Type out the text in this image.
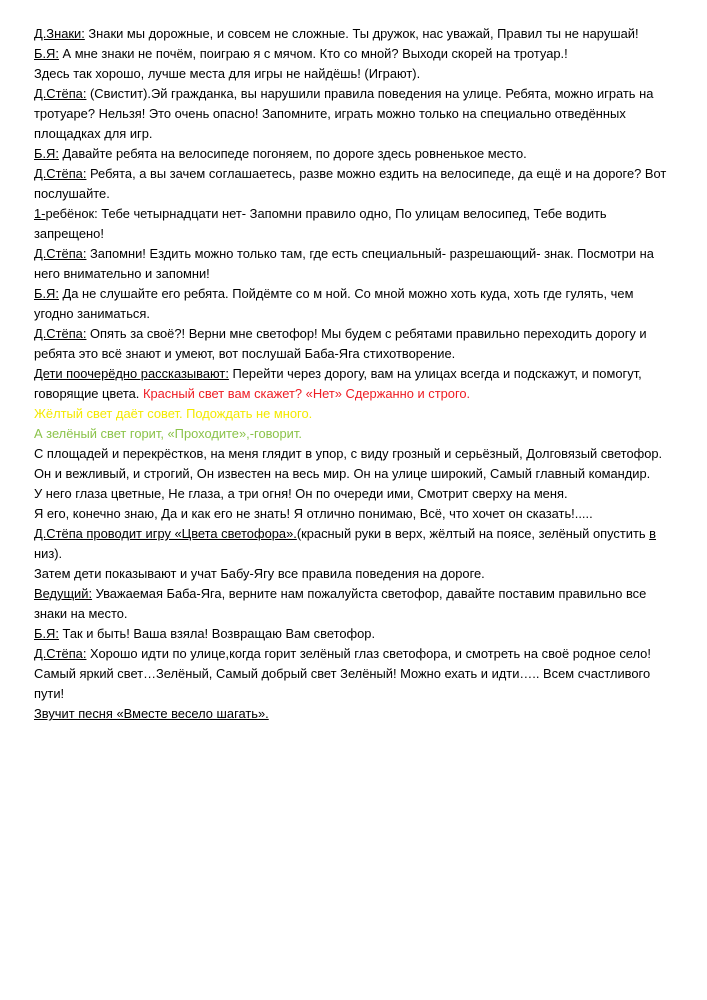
Д.Знаки: Знаки мы дорожные, и совсем не сложные. Ты дружок, нас уважай, Правил ты не нарушай!

Б.Я: А мне знаки не почём, поиграю я с мячом. Кто со мной? Выходи скорей на тротуар.!

Здесь так хорошо, лучше места для игры не найдёшь! (Играют).

Д.Стёпа: (Свистит).Эй гражданка, вы нарушили правила поведения на улице. Ребята, можно играть на тротуаре? Нельзя! Это очень опасно! Запомните, играть можно только на специально отведённых площадках для игр.

Б.Я: Давайте ребята на велосипеде погоняем, по дороге здесь ровненькое место.

Д.Стёпа: Ребята, а вы зачем соглашаетесь, разве можно ездить на велосипеде, да ещё и на дороге? Вот послушайте.

1-ребёнок: Тебе четырнадцати нет- Запомни правило одно, По улицам велосипед, Тебе водить запрещено!

Д.Стёпа: Запомни! Ездить можно только там, где есть специальный- разрешающий- знак. Посмотри на него внимательно и запомни!

Б.Я: Да не слушайте его ребята. Пойдёмте со м ной. Со мной можно хоть куда, хоть где гулять, чем угодно заниматься.

Д.Стёпа: Опять за своё?! Верни мне светофор! Мы будем с ребятами правильно переходить дорогу и ребята это всё знают и умеют, вот послушай Баба-Яга стихотворение.

Дети поочерёдно рассказывают: Перейти через дорогу, вам на улицах всегда и подскажут, и помогут, говорящие цвета. Красный свет вам скажет? «Нет» Сдержанно и строго.

Жёлтый свет даёт совет. Подождать не много.

А зелёный свет горит, «Проходите»,-говорит.

С площадей и перекрёстков, на меня глядит в упор, с виду грозный и серьёзный, Долговязый светофор.

Он и вежливый, и строгий, Он известен на весь мир. Он на улице широкий, Самый главный командир.

У него глаза цветные, Не глаза, а три огня! Он по очереди ими, Смотрит сверху на меня.

Я его, конечно знаю, Да и как его не знать! Я отлично понимаю, Всё, что хочет он сказать!.....

Д.Стёпа проводит игру «Цвета светофора».(красный руки в верх, жёлтый на поясе, зелёный опустить в низ).

Затем дети показывают и учат Бабу-Ягу все правила поведения на дороге.

Ведущий: Уважаемая Баба-Яга, верните нам пожалуйста светофор, давайте поставим правильно все знаки на место.

Б.Я: Так и быть! Ваша взяла! Возвращаю Вам светофор.

Д.Стёпа: Хорошо идти по улице,когда горит зелёный глаз светофора, и смотреть на своё родное село! Самый яркий свет…Зелёный, Самый добрый свет Зелёный! Можно ехать и идти….. Всем счастливого пути!

Звучит песня «Вместе весело шагать».
